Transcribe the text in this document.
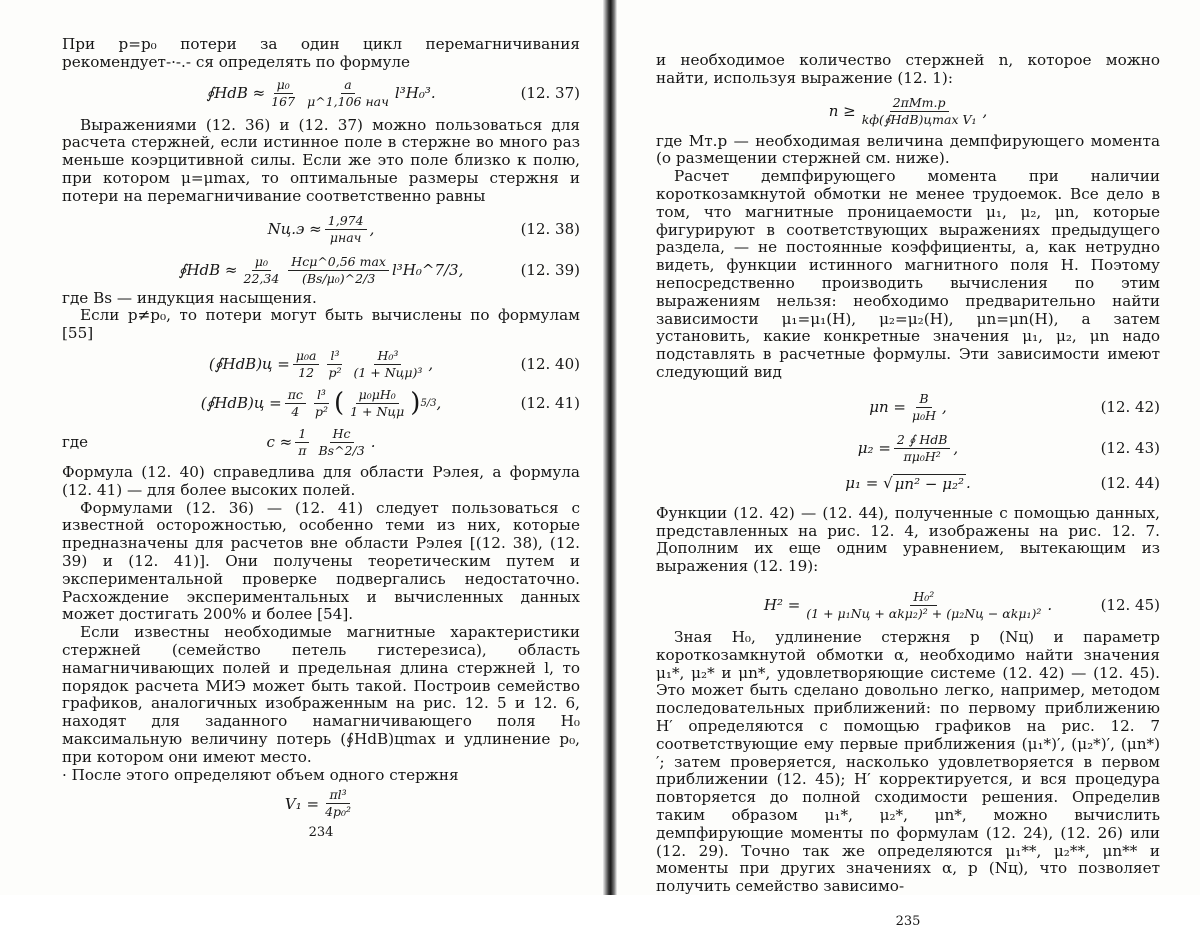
При p=p₀ потери за один цикл перемагничивания рекомендует-·-.- ся определять по формуле

∮HdB ≈ $\frac{\text{μ₀}}{167} \frac{a}{\text{μ\textasciicircum{}1,106 нач}} l^3H_0^3$.	(12. 37)

Выражениями (12. 36) и (12. 37) можно пользоваться для расчета стержней, если истинное поле в стержне во много раз меньше коэрцитивной силы. Если же это поле близко к полю, при котором μ=μmax, то оптимальные размеры стержня и потери на перемагничивание соответственно равны

$Nц.э \approx \frac{1,974}{\text{μнач}}$ ,	(12. 38)
∮HdB ≈ $\frac{\text{μ₀}}{22,34} \frac{\text{Hcμ\textasciicircum{}0,56 max}}{\text{(Bs/μ₀)\textasciicircum{}2/3}}$ l³H₀^7/3,	(12. 39)

где Bs — индукция насыщения.

Если p≠p₀, то потери могут быть вычислены по формулам [55]

(∮HdB)ц = $\frac{\text{μ₀a}}{12} \frac{\text{l³}}{\text{p²}} \frac{\text{H₀³}}{\text{(1 + Nцμ)³}}$ ,	(12. 40)
(∮HdB)ц = $\frac{\pi c}{4} \frac{\text{l³}}{\text{p²}}$ ( $\frac{\text{μ₀μH₀}}{\text{1 + Nцμ}}$ ) 5/3 ,	(12. 41)
где	$c \approx \frac{1}{\pi} \frac{Hc}{Bs\^{}2/3}$ .

Формула (12. 40) справедлива для области Рэлея, а формула (12. 41) — для более высоких полей.

Формулами (12. 36) — (12. 41) следует пользоваться с известной осторожностью, особенно теми из них, которые предназначены для расчетов вне области Рэлея [(12. 38), (12. 39) и (12. 41)]. Они получены теоретическим путем и экспериментальной проверке подвергались недостаточно. Расхождение экспериментальных и вычисленных данных может достигать 200% и более [54].

Если известны необходимые магнитные характеристики стержней (семейство петель гистерезиса), область намагничивающих полей и предельная длина стержней l, то порядок расчета МИЭ может быть такой. Построив семейство графиков, аналогичных изображенным на рис. 12. 5 и 12. 6, находят для заданного намагничивающего поля H₀ максимальную величину потерь (∮HdB)цmax и удлинение p₀, при котором они имеют место.

· После этого определяют объем одного стержня

$V_1 = \frac{\text{πl³}}{\text{4p₀²}}$
234

и необходимое количество стержней n, которое можно найти, используя выражение (12. 1):

$n \ge \frac{\text{2πMт.р}}{\text{kф(∮HdB)цmax V₁}}$ ,

где Mт.р — необходимая величина демпфирующего момента (о размещении стержней см. ниже).

Расчет демпфирующего момента при наличии короткозамкнутой обмотки не менее трудоемок. Все дело в том, что магнитные проницаемости μ₁, μ₂, μn, которые фигурируют в соответствующих выражениях предыдущего раздела, — не постоянные коэффициенты, а, как нетрудно видеть, функции истинного магнитного поля H. Поэтому непосредственно производить вычисления по этим выражениям нельзя: необходимо предварительно найти зависимости μ₁=μ₁(H), μ₂=μ₂(H), μn=μn(H), а затем установить, какие конкретные значения μ₁, μ₂, μn надо подставлять в расчетные формулы. Эти зависимости имеют следующий вид

$\mu n = \frac{B}{\text{μ₀H}}$ ,	(12. 42)
$\mu_2 = \frac{\text{2 ∮ HdB}}{\text{πμ₀H²}}$ ,	(12. 43)
μ₁ = √ μn² − μ₂² .	(12. 44)

Функции (12. 42) — (12. 44), полученные с помощью данных, представленных на рис. 12. 4, изображены на рис. 12. 7. Дополним их еще одним уравнением, вытекающим из выражения (12. 19):

$H^2 = \frac{\text{H₀²}}{\text{(1 + μ₁Nц + αkμ₂)² + (μ₂Nц − αkμ₁)²}}$ .	(12. 45)

Зная H₀, удлинение стержня p (Nц) и параметр короткозамкнутой обмотки α, необходимо найти значения μ₁*, μ₂* и μn*, удовлетворяющие системе (12. 42) — (12. 45). Это может быть сделано довольно легко, например, методом последовательных приближений: по первому приближению H′ определяются с помощью графиков на рис. 12. 7 соответствующие ему первые приближения (μ₁*)′, (μ₂*)′, (μn*)′; затем проверяется, насколько удовлетворяется в первом приближении (12. 45); H′ корректируется, и вся процедура повторяется до полной сходимости решения. Определив таким образом μ₁*, μ₂*, μn*, можно вычислить демпфирующие моменты по формулам (12. 24), (12. 26) или (12. 29). Точно так же определяются μ₁**, μ₂**, μn** и моменты при других значениях α, p (Nц), что позволяет получить семейство зависимо-

235
